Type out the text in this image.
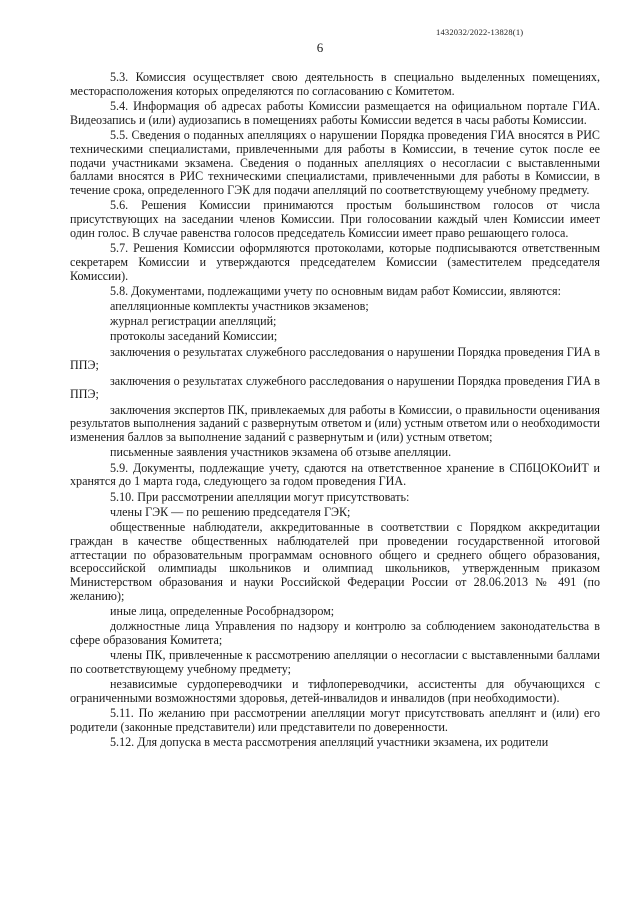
1432032/2022-13828(1)
6

5.3. Комиссия осуществляет свою деятельность в специально выделенных помещениях, месторасположения которых определяются по согласованию с Комитетом.

5.4. Информация об адресах работы Комиссии размещается на официальном портале ГИА. Видеозапись и (или) аудиозапись в помещениях работы Комиссии ведется в часы работы Комиссии.

5.5. Сведения о поданных апелляциях о нарушении Порядка проведения ГИА вносятся в РИС техническими специалистами, привлеченными для работы в Комиссии, в течение суток после ее подачи участниками экзамена. Сведения о поданных апелляциях о несогласии с выставленными баллами вносятся в РИС техническими специалистами, привлеченными для работы в Комиссии, в течение срока, определенного ГЭК для подачи апелляций по соответствующему учебному предмету.

5.6. Решения Комиссии принимаются простым большинством голосов от числа присутствующих на заседании членов Комиссии. При голосовании каждый член Комиссии имеет один голос. В случае равенства голосов председатель Комиссии имеет право решающего голоса.

5.7. Решения Комиссии оформляются протоколами, которые подписываются ответственным секретарем Комиссии и утверждаются председателем Комиссии (заместителем председателя Комиссии).

5.8. Документами, подлежащими учету по основным видам работ Комиссии, являются:

апелляционные комплекты участников экзаменов;

журнал регистрации апелляций;

протоколы заседаний Комиссии;

заключения о результатах служебного расследования о нарушении Порядка проведения ГИА в ППЭ;

заключения о результатах служебного расследования о нарушении Порядка проведения ГИА в ППЭ;

заключения экспертов ПК, привлекаемых для работы в Комиссии, о правильности оценивания результатов выполнения заданий с развернутым ответом и (или) устным ответом или о необходимости изменения баллов за выполнение заданий с развернутым и (или) устным ответом;

письменные заявления участников экзамена об отзыве апелляции.

5.9. Документы, подлежащие учету, сдаются на ответственное хранение в СПбЦОКОиИТ и хранятся до 1 марта года, следующего за годом проведения ГИА.

5.10. При рассмотрении апелляции могут присутствовать:

члены ГЭК — по решению председателя ГЭК;

общественные наблюдатели, аккредитованные в соответствии с Порядком аккредитации граждан в качестве общественных наблюдателей при проведении государственной итоговой аттестации по образовательным программам основного общего и среднего общего образования, всероссийской олимпиады школьников и олимпиад школьников, утвержденным приказом Министерством образования и науки Российской Федерации России от 28.06.2013 № 491 (по желанию);

иные лица, определенные Рособрнадзором;

должностные лица Управления по надзору и контролю за соблюдением законодательства в сфере образования Комитета;

члены ПК, привлеченные к рассмотрению апелляции о несогласии с выставленными баллами по соответствующему учебному предмету;

независимые сурдопереводчики и тифлопереводчики, ассистенты для обучающихся с ограниченными возможностями здоровья, детей-инвалидов и инвалидов (при необходимости).

5.11. По желанию при рассмотрении апелляции могут присутствовать апеллянт и (или) его родители (законные представители) или представители по доверенности.

5.12. Для допуска в места рассмотрения апелляций участники экзамена, их родители
